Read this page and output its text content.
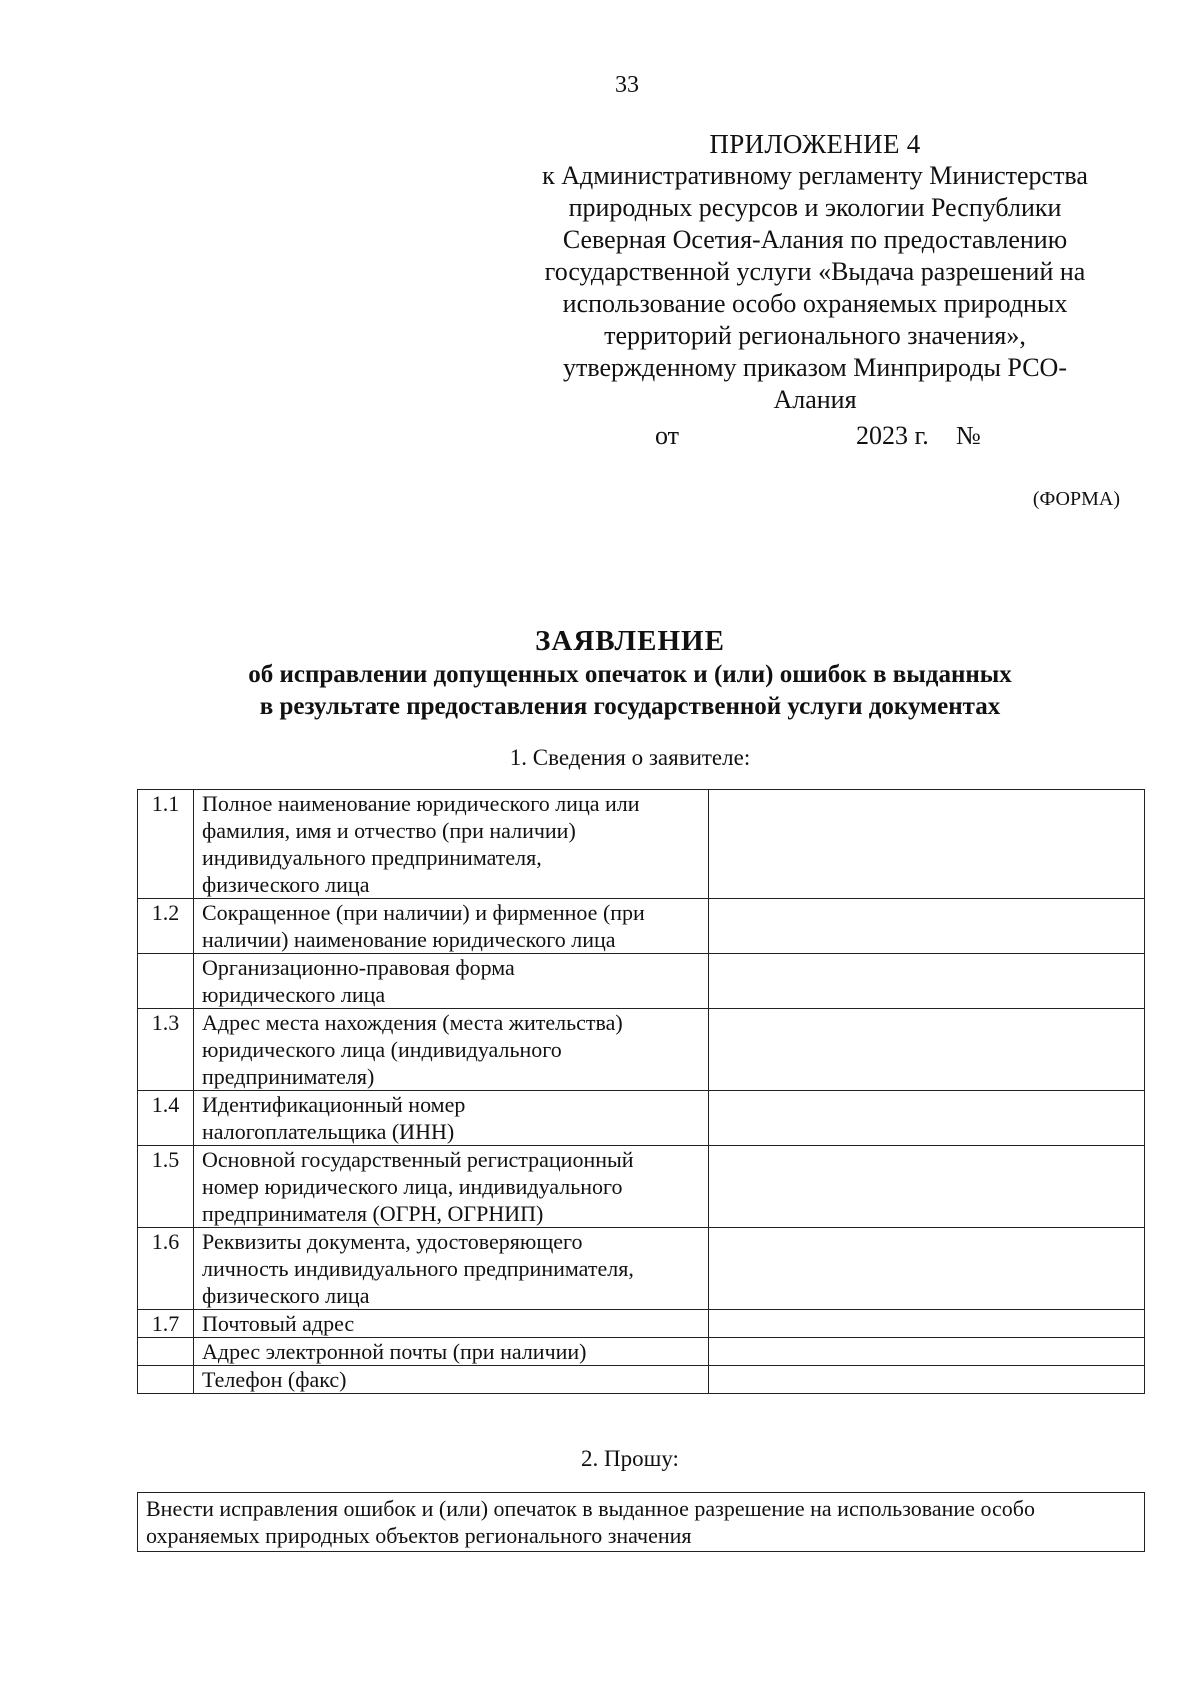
33
ПРИЛОЖЕНИЕ 4
к Административному регламенту Министерства
природных ресурсов и экологии Республики
Северная Осетия-Алания по предоставлению
государственной услуги «Выдача разрешений на
использование особо охраняемых природных
территорий регионального значения»,
утвержденному приказом Минприроды РСО-
Алания
от	2023 г. №
(ФОРМА)
ЗАЯВЛЕНИЕ
об исправлении допущенных опечаток и (или) ошибок в выданных
в результате предоставления государственной услуги документах
1. Сведения о заявителе:
1.1	Полное наименование юридического лица или
фамилия, имя и отчество (при наличии)
индивидуального предпринимателя,
физического лица	

1.2	Сокращенное (при наличии) и фирменное (при
наличии) наименование юридического лица	

	Организационно-правовая форма
юридического лица	

1.3	Адрес места нахождения (места жительства)
юридического лица (индивидуального
предпринимателя)	

1.4	Идентификационный номер
налогоплательщика (ИНН)	

1.5	Основной государственный регистрационный
номер юридического лица, индивидуального
предпринимателя (ОГРН, ОГРНИП)	

1.6	Реквизиты документа, удостоверяющего
личность индивидуального предпринимателя,
физического лица	

1.7	Почтовый адрес	

	Адрес электронной почты (при наличии)	

	Телефон (факс)	

2. Прошу:
Внести исправления ошибок и (или) опечаток в выданное разрешение на использование особо
охраняемых природных объектов регионального значения
